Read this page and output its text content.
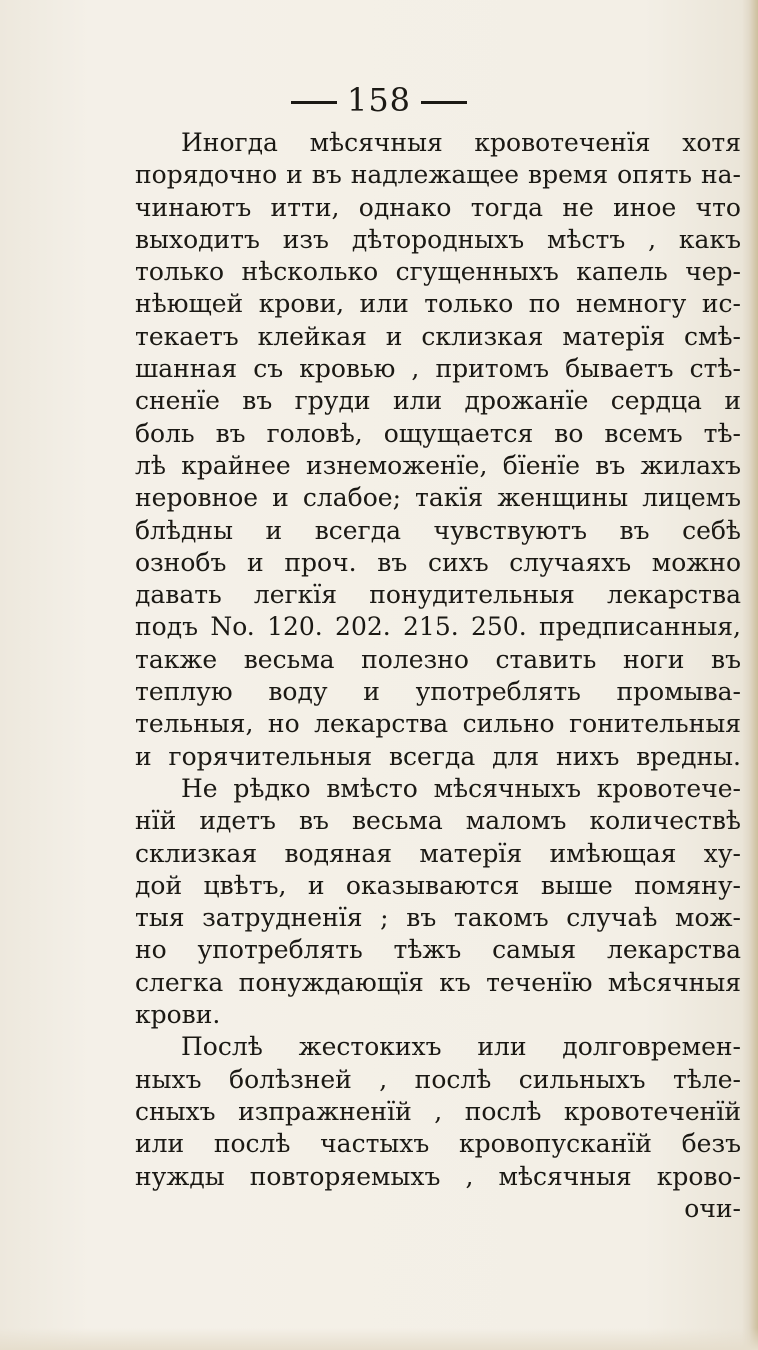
158
Иногда мѣсячныя кровотеченїя хотя
порядочно и въ надлежащее время опять на-
чинаютъ итти, однако тогда не иное что
выходитъ изъ дѣтородныхъ мѣстъ , какъ
только нѣсколько сгущенныхъ капель чер-
нѣющей крови, или только по немногу ис-
текаетъ клейкая и склизкая матерїя смѣ-
шанная съ кровью , притомъ бываетъ стѣ-
сненїе въ груди или дрожанїе сердца и
боль въ головѣ, ощущается во всемъ тѣ-
лѣ крайнее изнеможенїе, бїенїе въ жилахъ
неровное и слабое; такїя женщины лицемъ
блѣдны и всегда чувствуютъ въ себѣ
ознобъ и проч. въ сихъ случаяхъ можно
давать легкїя понудительныя лекарства
подъ No. 120. 202. 215. 250. предписанныя,
также весьма полезно ставить ноги въ
теплую воду и употреблять промыва-
тельныя, но лекарства сильно гонительныя
и горячительныя всегда для нихъ вредны.
Не рѣдко вмѣсто мѣсячныхъ кровотече-
нїй идетъ въ весьма маломъ количествѣ
склизкая водяная матерїя имѣющая ху-
дой цвѣтъ, и оказываются выше помяну-
тыя затрудненїя ; въ такомъ случаѣ мож-
но употреблять тѣжъ самыя лекарства
слегка понуждающїя къ теченїю мѣсячныя
крови.
Послѣ жестокихъ или долговремен-
ныхъ болѣзней , послѣ сильныхъ тѣле-
сныхъ изпражненїй , послѣ кровотеченїй
или послѣ частыхъ кровопусканїй безъ
нужды повторяемыхъ , мѣсячныя крово-
очи-
